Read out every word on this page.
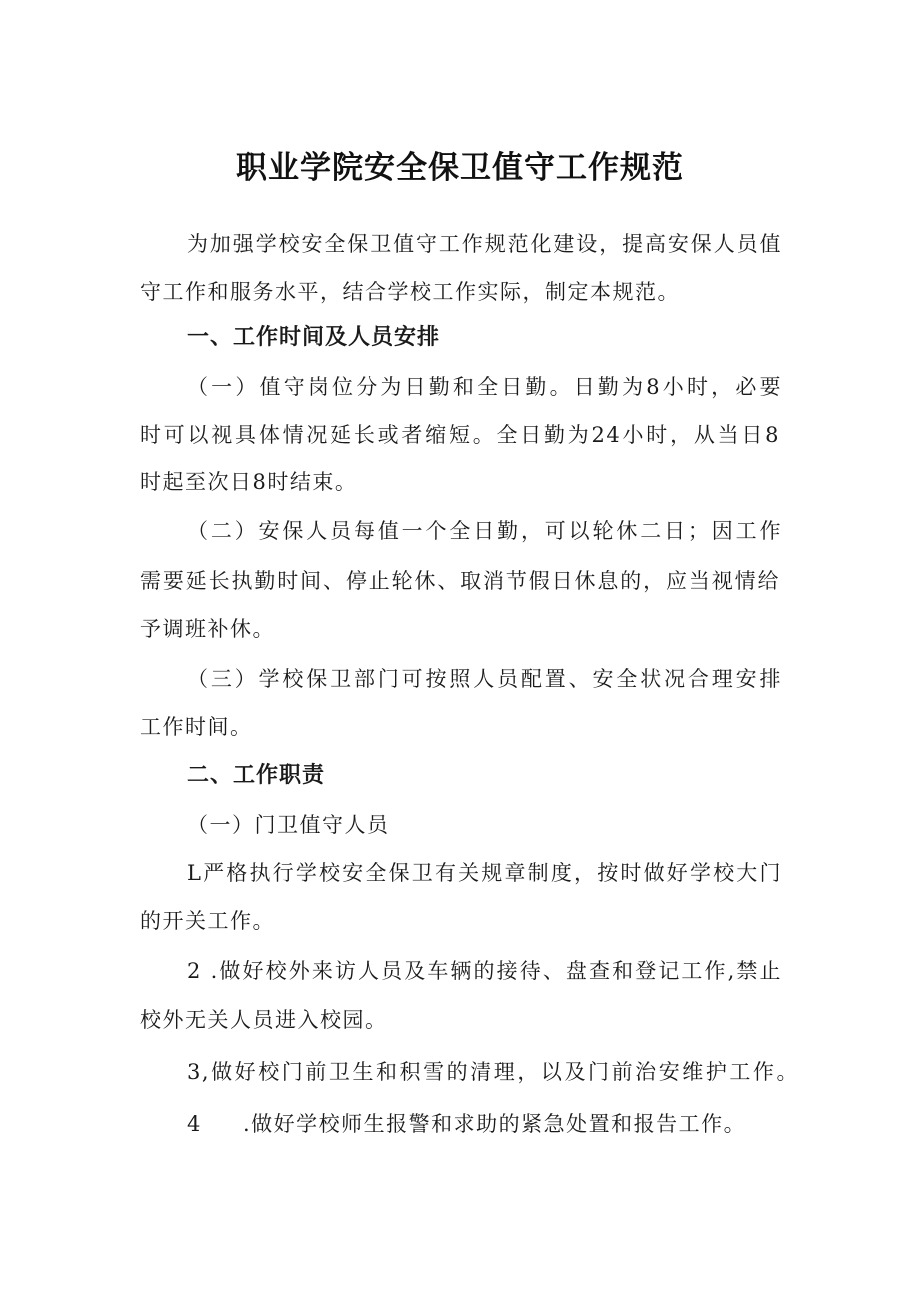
职业学院安全保卫值守工作规范
为加强学校安全保卫值守工作规范化建设，提高安保人员值
守工作和服务水平，结合学校工作实际，制定本规范。
一、工作时间及人员安排
（一）值守岗位分为日勤和全日勤。日勤为8小时，必要
时可以视具体情况延长或者缩短。全日勤为24小时，从当日8
时起至次日8时结束。
（二）安保人员每值一个全日勤，可以轮休二日；因工作
需要延长执勤时间、停止轮休、取消节假日休息的，应当视情给
予调班补休。
（三）学校保卫部门可按照人员配置、安全状况合理安排
工作时间。
二、工作职责
（一）门卫值守人员
L严格执行学校安全保卫有关规章制度，按时做好学校大门
的开关工作。
2 .做好校外来访人员及车辆的接待、盘查和登记工作,禁止
校外无关人员进入校园。
3,做好校门前卫生和积雪的清理，以及门前治安维护工作。
4 .做好学校师生报警和求助的紧急处置和报告工作。
